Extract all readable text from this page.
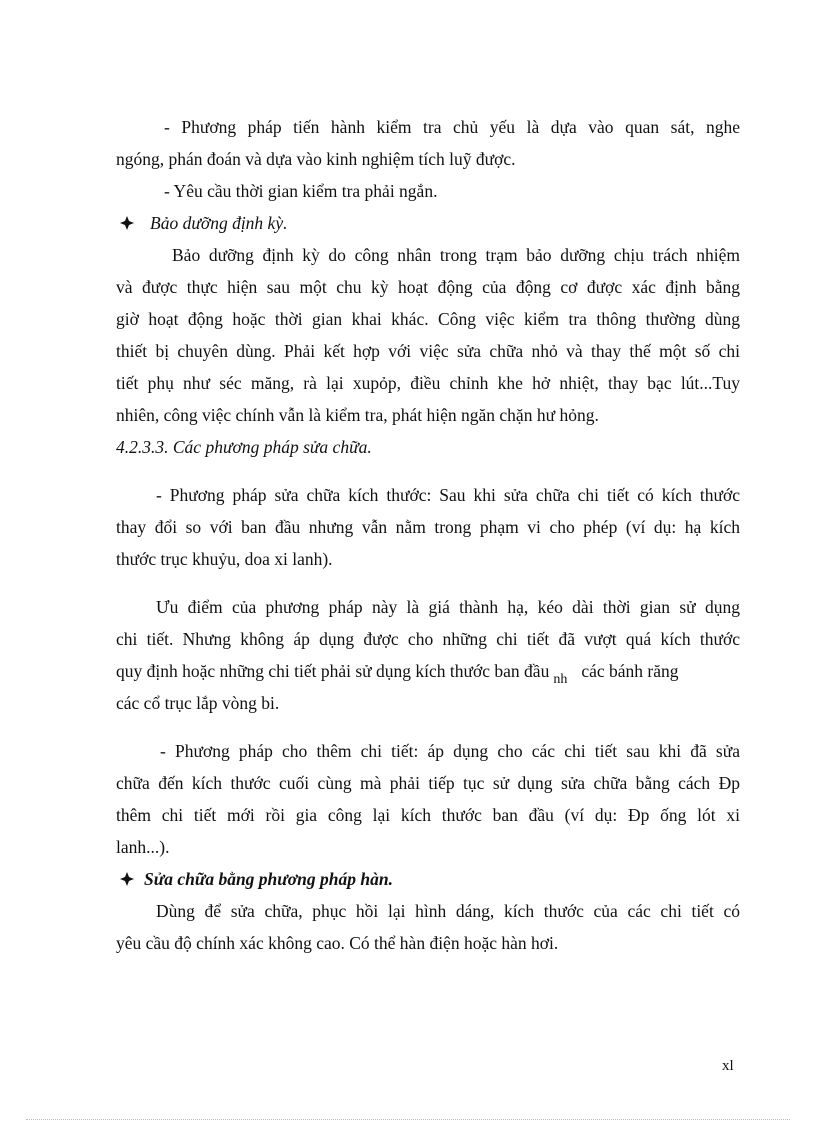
- Phương pháp tiến hành kiểm tra chủ yếu là dựa vào quan sát, nghe
ngóng, phán đoán và dựa vào kinh nghiệm tích luỹ được.
- Yêu cầu thời gian kiểm tra phải ngắn.
Bảo dưỡng định kỳ.
Bảo dưỡng định kỳ do công nhân trong trạm bảo dưỡng chịu trách nhiệm
và được thực hiện sau một chu kỳ hoạt động của động cơ được xác định bằng
giờ hoạt động hoặc thời gian khai khác. Công việc kiểm tra thông thường dùng
thiết bị chuyên dùng. Phải kết hợp với việc sửa chữa nhỏ và thay thế một số chi
tiết phụ như séc măng, rà lại xupỏp, điều chỉnh khe hở nhiệt, thay bạc lút...Tuy
nhiên, công việc chính vẫn là kiểm tra, phát hiện ngăn chặn hư hỏng.
4.2.3.3. Các phương pháp sửa chữa.
- Phương pháp sửa chữa kích thước: Sau khi sửa chữa chi tiết có kích thước
thay đổi so với ban đầu nhưng vẫn nằm trong phạm vi cho phép (ví dụ: hạ kích
thước trục khuỷu, doa xi lanh).
Ưu điểm của phương pháp này là giá thành hạ, kéo dài thời gian sử dụng
chi tiết. Nhưng không áp dụng được cho những chi tiết đã vượt quá kích thước
quy định hoặc những chi tiết phải sử dụng kích thước ban đầu $_{nh}$ các bánh răng
các cổ trục lắp vòng bi.
- Phương pháp cho thêm chi tiết: áp dụng cho các chi tiết sau khi đã sửa
chữa đến kích thước cuối cùng mà phải tiếp tục sử dụng sửa chữa bằng cách Đp
thêm chi tiết mới rồi gia công lại kích thước ban đầu (ví dụ: Đp ống lót xi
lanh...).
Sửa chữa bằng phương pháp hàn.
Dùng để sửa chữa, phục hồi lại hình dáng, kích thước của các chi tiết có
yêu cầu độ chính xác không cao. Có thể hàn điện hoặc hàn hơi.
xl
